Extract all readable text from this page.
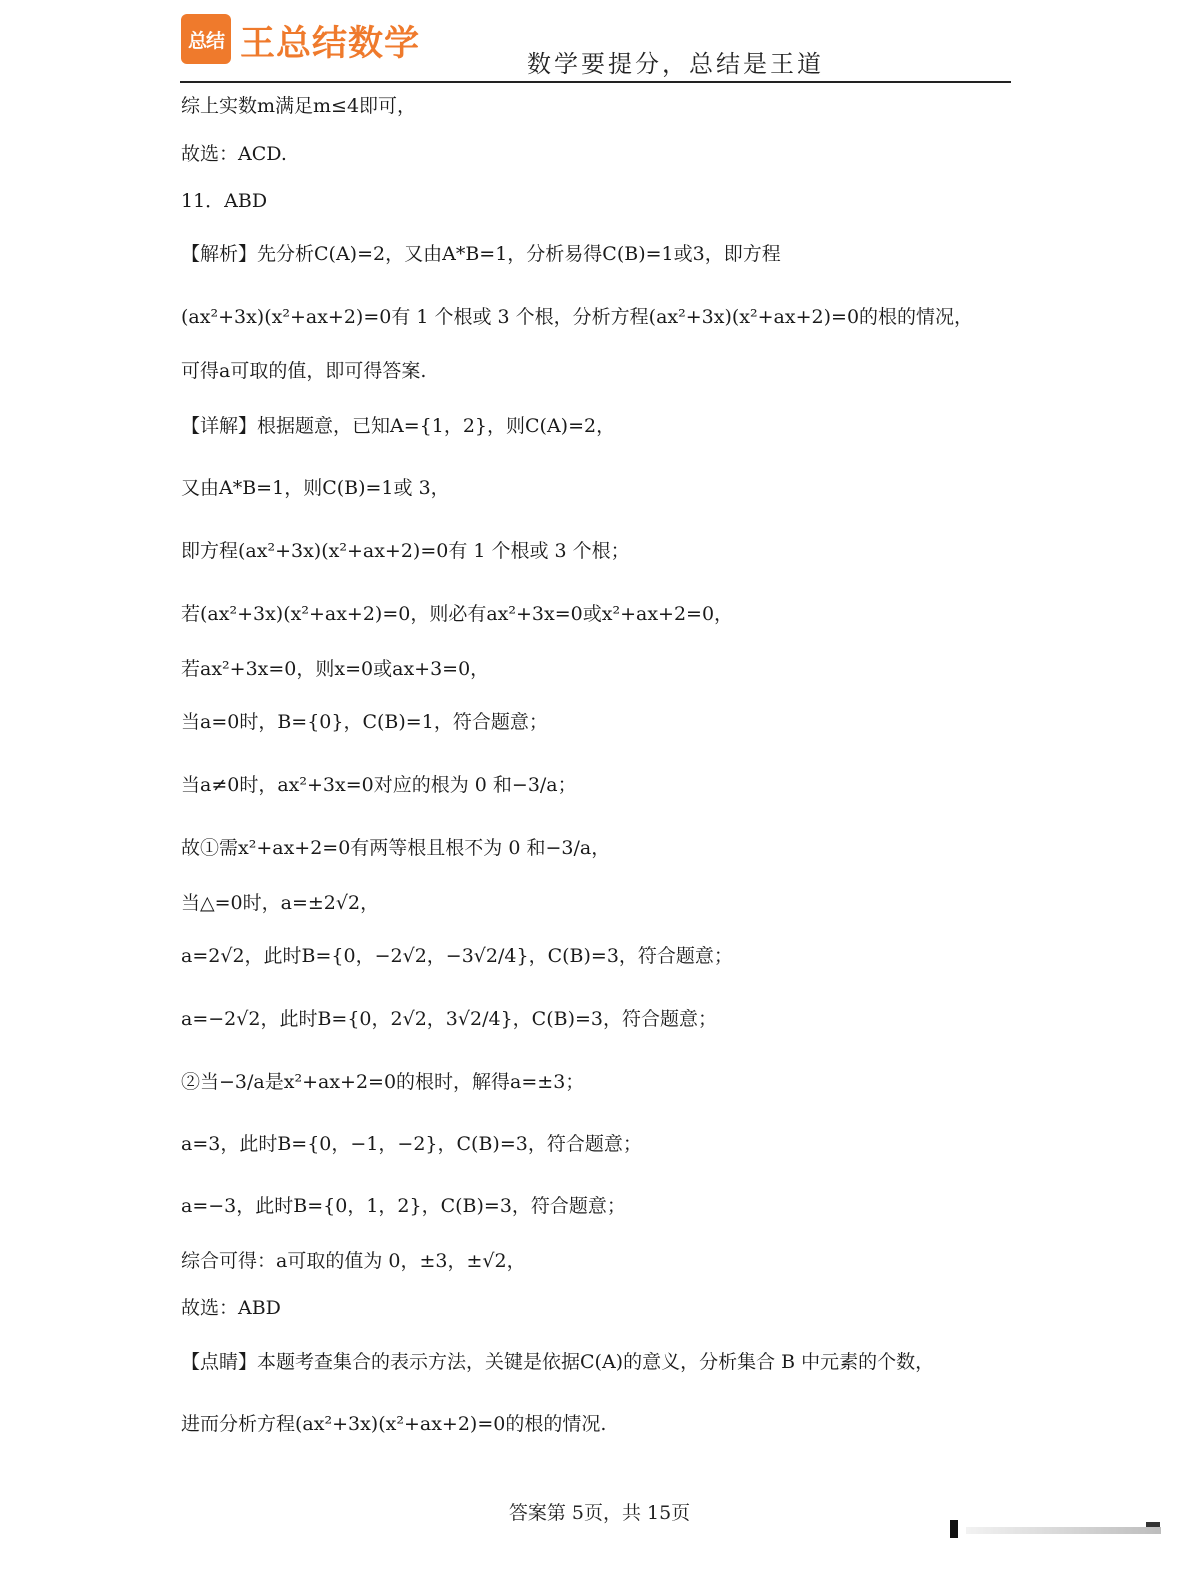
总结 王总结数学	数学要提分，总结是王道
综上实数m满足m≤4即可，
故选：ACD.
11．ABD
【解析】先分析C(A)=2，又由A*B=1，分析易得C(B)=1或3，即方程
(ax²+3x)(x²+ax+2)=0有 1 个根或 3 个根，分析方程(ax²+3x)(x²+ax+2)=0的根的情况，
可得a可取的值，即可得答案.
【详解】根据题意，已知A={1，2}，则C(A)=2，
又由A*B=1，则C(B)=1或 3，
即方程(ax²+3x)(x²+ax+2)=0有 1 个根或 3 个根；
若(ax²+3x)(x²+ax+2)=0，则必有ax²+3x=0或x²+ax+2=0，
若ax²+3x=0，则x=0或ax+3=0，
当a=0时，B={0}，C(B)=1，符合题意；
当a≠0时，ax²+3x=0对应的根为 0 和−3/a；
故①需x²+ax+2=0有两等根且根不为 0 和−3/a，
当△=0时，a=±2√2，
a=2√2，此时B={0，−2√2，−3√2/4}，C(B)=3，符合题意；
a=−2√2，此时B={0，2√2，3√2/4}，C(B)=3，符合题意；
②当−3/a是x²+ax+2=0的根时，解得a=±3；
a=3，此时B={0，−1，−2}，C(B)=3，符合题意；
a=−3，此时B={0，1，2}，C(B)=3，符合题意；
综合可得：a可取的值为 0，±3，±√2，
故选：ABD
【点睛】本题考查集合的表示方法，关键是依据C(A)的意义，分析集合 B 中元素的个数，
进而分析方程(ax²+3x)(x²+ax+2)=0的根的情况.
答案第 5页，共 15页
